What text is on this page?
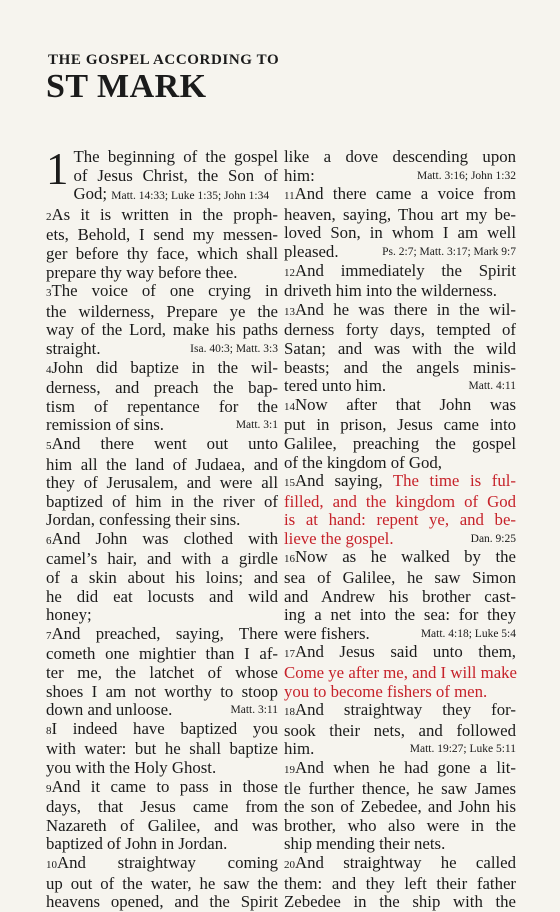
THE GOSPEL ACCORDING TO
ST MARK
1 The beginning of the gospel
of Jesus Christ, the Son of
God; Matt. 14:33; Luke 1:35; John 1:34
2As it is written in the proph-
ets, Behold, I send my messen-
ger before thy face, which shall
prepare thy way before thee.
3The voice of one crying in
the wilderness, Prepare ye the
way of the Lord, make his paths
Isa. 40:3; Matt. 3:3
straight.
4John did baptize in the wil-
derness, and preach the bap-
tism of repentance for the
Matt. 3:1
remission of sins.
5And there went out unto
him all the land of Judaea, and
they of Jerusalem, and were all
baptized of him in the river of
Jordan, confessing their sins.
6And John was clothed with
camel’s hair, and with a girdle
of a skin about his loins; and
he did eat locusts and wild
honey;
7And preached, saying, There
cometh one mightier than I af-
ter me, the latchet of whose
shoes I am not worthy to stoop
Matt. 3:11
down and unloose.
8I indeed have baptized you
with water: but he shall baptize
you with the Holy Ghost.
9And it came to pass in those
days, that Jesus came from
Nazareth of Galilee, and was
baptized of John in Jordan.
10And straightway coming
up out of the water, he saw the
heavens opened, and the Spirit
like a dove descending upon
Matt. 3:16; John 1:32
him:
11And there came a voice from
heaven, saying, Thou art my be-
loved Son, in whom I am well
Ps. 2:7; Matt. 3:17; Mark 9:7
pleased.
12And immediately the Spirit
driveth him into the wilderness.
13And he was there in the wil-
derness forty days, tempted of
Satan; and was with the wild
beasts; and the angels minis-
Matt. 4:11
tered unto him.
14Now after that John was
put in prison, Jesus came into
Galilee, preaching the gospel
of the kingdom of God,
15And saying, The time is ful-
filled, and the kingdom of God
is at hand: repent ye, and be-
Dan. 9:25
lieve the gospel.
16Now as he walked by the
sea of Galilee, he saw Simon
and Andrew his brother cast-
ing a net into the sea: for they
Matt. 4:18; Luke 5:4
were fishers.
17And Jesus said unto them,
Come ye after me, and I will make
you to become fishers of men.
18And straightway they for-
sook their nets, and followed
Matt. 19:27; Luke 5:11
him.
19And when he had gone a lit-
tle further thence, he saw James
the son of Zebedee, and John his
brother, who also were in the
ship mending their nets.
20And straightway he called
them: and they left their father
Zebedee in the ship with the
